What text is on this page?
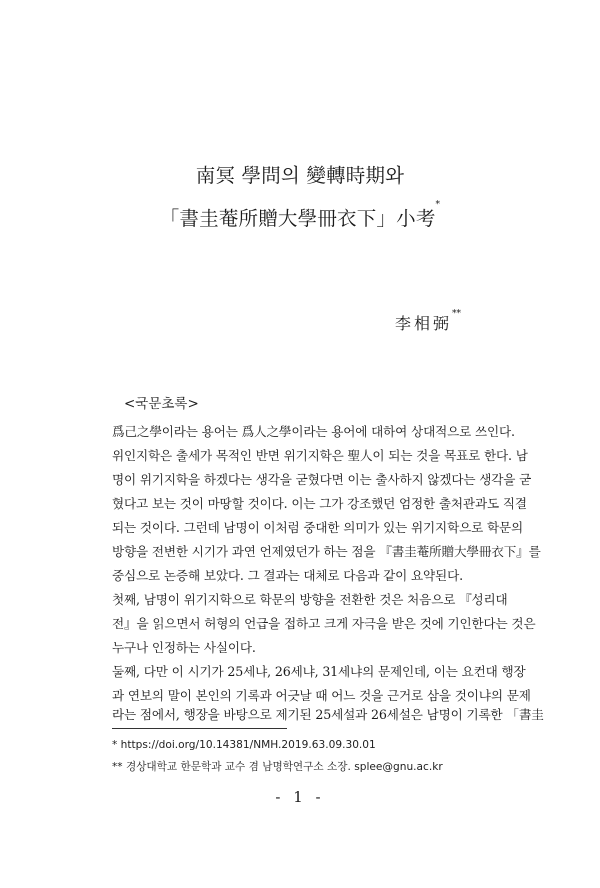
南冥 學問의 變轉時期와
「書圭菴所贈大學冊衣下」小考*
李相弼**
<국문초록>
爲己之學이라는 용어는 爲人之學이라는 용어에 대하여 상대적으로 쓰인다.
위인지학은 출세가 목적인 반면 위기지학은 聖人이 되는 것을 목표로 한다. 남
명이 위기지학을 하겠다는 생각을 굳혔다면 이는 출사하지 않겠다는 생각을 굳
혔다고 보는 것이 마땅할 것이다. 이는 그가 강조했던 엄정한 출처관과도 직결
되는 것이다. 그런데 남명이 이처럼 중대한 의미가 있는 위기지학으로 학문의
방향을 전변한 시기가 과연 언제였던가 하는 점을 『書圭菴所贈大學冊衣下』를
중심으로 논증해 보았다. 그 결과는 대체로 다음과 같이 요약된다.
첫째, 남명이 위기지학으로 학문의 방향을 전환한 것은 처음으로 『성리대
전』을 읽으면서 허형의 언급을 접하고 크게 자극을 받은 것에 기인한다는 것은
누구나 인정하는 사실이다.
둘째, 다만 이 시기가 25세냐, 26세냐, 31세냐의 문제인데, 이는 요컨대 행장
과 연보의 말이 본인의 기록과 어긋날 때 어느 것을 근거로 삼을 것이냐의 문제
* https://doi.org/10.14381/NMH.2019.63.09.30.01
** 경상대학교 한문학과 교수 겸 남명학연구소 소장. splee@gnu.ac.kr
- 1 -
라는 점에서, 행장을 바탕으로 제기된 25세설과 26세설은 남명이 기록한 「書圭
